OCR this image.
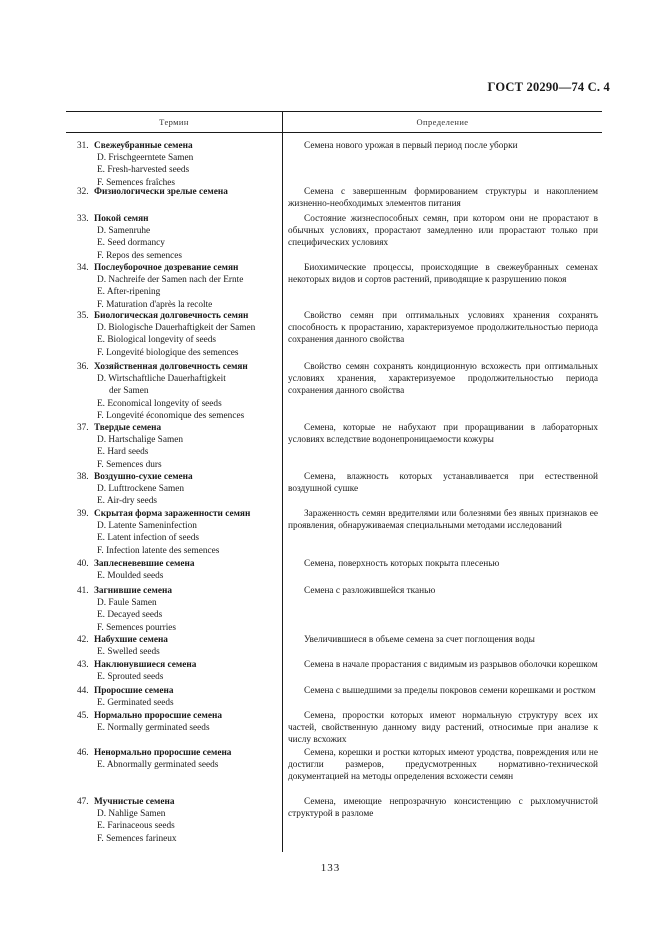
ГОСТ 20290—74 С. 4
Термин	Определение
31. Свежеубранные семена
D. Frischgeerntete Samen
E. Fresh-harvested seeds
F. Semences fraîches
Семена нового урожая в первый период после уборки
32. Физиологически зрелые семена	Семена с завершенным формированием структуры и накоплением жизненно-необходимых элементов питания
33. Покой семян
D. Samenruhe
E. Seed dormancy
F. Repos des semences
Состояние жизнеспособных семян, при котором они не прорастают в обычных условиях, прорастают замедленно или прорастают только при специфических условиях
34. Послеуборочное дозревание семян
D. Nachreife der Samen nach der Ernte
E. After-ripening
F. Maturation d'après la recolte
Биохимические процессы, происходящие в свежеубранных семенах некоторых видов и сортов растений, приводящие к разрушению покоя
35. Биологическая долговечность семян
D. Biologische Dauerhaftigkeit der Samen
E. Biological longevity of seeds
F. Longevité biologique des semences
Свойство семян при оптимальных условиях хранения сохранять способность к прорастанию, характеризуемое продолжительностью периода сохранения данного свойства
36. Хозяйственная долговечность семян
D. Wirtschaftliche Dauerhaftigkeit
der Samen
E. Economical longevity of seeds
F. Longevité économique des semences
Свойство семян сохранять кондиционную всхожесть при оптимальных условиях хранения, характеризуемое продолжительностью периода сохранения данного свойства
37. Твердые семена
D. Hartschalige Samen
E. Hard seeds
F. Semences durs
Семена, которые не набухают при проращивании в лабораторных условиях вследствие водонепроницаемости кожуры
38. Воздушно-сухие семена
D. Lufttrockene Samen
E. Air-dry seeds
Семена, влажность которых устанавливается при естественной воздушной сушке
39. Скрытая форма зараженности семян
D. Latente Sameninfection
E. Latent infection of seeds
F. Infection latente des semences
Зараженность семян вредителями или болезнями без явных признаков ее проявления, обнаруживаемая специальными методами исследований
40. Заплесневевшие семена
E. Moulded seeds
Семена, поверхность которых покрыта плесенью
41. Загнившие семена
D. Faule Samen
E. Decayed seeds
F. Semences pourries
Семена с разложившейся тканью
42. Набухшие семена
E. Swelled seeds
Увеличившиеся в объеме семена за счет поглощения воды
43. Наклюнувшиеся семена
E. Sprouted seeds
Семена в начале прорастания с видимым из разрывов оболочки корешком
44. Проросшие семена
E. Germinated seeds
Семена с вышедшими за пределы покровов семени корешками и ростком
45. Нормально проросшие семена
E. Normally germinated seeds
Семена, проростки которых имеют нормальную структуру всех их частей, свойственную данному виду растений, относимые при анализе к числу всхожих
46. Ненормально проросшие семена
E. Abnormally germinated seeds
Семена, корешки и ростки которых имеют уродства, повреждения или не достигли размеров, предусмотренных нормативно-технической документацией на методы определения всхожести семян
47. Мучнистые семена
D. Nahlige Samen
E. Farinaceous seeds
F. Semences farineux
Семена, имеющие непрозрачную консистенцию с рыхломучнистой структурой в разломе
133
